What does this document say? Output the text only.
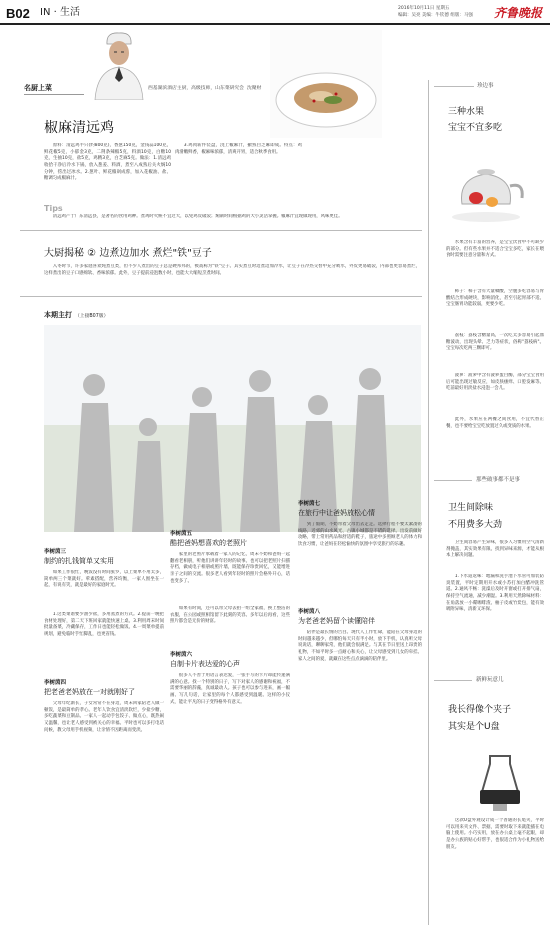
B02 IN · 生活	2016年10月11日 星期五
编辑：吴亮 美编：牛钦德 组版：马强 齐鲁晚报
名厨上菜	西基湖滨酒店主厨，高级技师，山东菜研究会 沈聚财
椒麻清远鸡

原料：清远鸡半只(约800克)，香葱150克，金钱蒜100克，鲜花椒5克，小郁金3克，二荆条辣椒5克，料酒10克，白糖10克，生抽10克，盐5克，鸡精3克，白芝麻5克。做法：1.清远鸡收拾干净后冷水下锅，放入葱姜、料酒，煮至八成熟后关火焖10分钟，捞出过冰水。2.葱叶、鲜花椒剁成蓉，加入花椒油、盐、糖调匀成椒麻汁。

3.鸡肉斩件装盘，浇上椒麻汁，撒熟白芝麻即成。特点：鸡肉滑嫩鲜香，椒麻味浓郁，清爽开胃，适合秋季食用。

Tips

清远鸡产于广东清远县，是著名的食用鸡种。煮鸡时火候不宜过大，以免鸡皮破裂；焖制时间根据鸡的大小灵活掌握。椒麻汁宜现做现用，风味更佳。

大厨揭秘 ② 边煮边加水 煮烂"铁"豆子

入冬时节，许多家庭喜欢炖煮豆类，但不少人煮出的豆子总是硬邦邦的，被戏称为"铁"豆子。其实煮豆时边煮边加冷水，让豆子在冷热交替中充分吸水，外皮更易破裂，内部也更容易煮烂，这样煮出的豆子口感绵软、香味浓郁。此外，豆子提前浸泡数小时，也能大大缩短烹煮时间。

本期主打 （上接B07版）
李树茵三
制约的扎钱简单又实用

如果工作很忙，晚饭没有时间张罗，以上菜单不用太多，简单两三个菜就好。荤素搭配，营养均衡，一家人围坐在一起，有说有笑，就是最好的家庭时光。

1.这类菜谱要少油少盐，多用蒸煮的方式。2.提前一晚把食材处理好，第二天下班回家就能快速上桌。3.利用周末时间批量备菜，冷藏保存，工作日也能轻松做饭。4.一周菜单提前规划，避免临时手忙脚乱，也更省钱。

李树茵四
把老爸老妈放在一对就刚好了

父母年纪渐长，子女常常不在身边，周末回家陪老人做一顿饭，是最简单的孝心。老年人饮食宜清淡软烂，少盐少糖，多吃蔬菜和豆制品。一家人一起动手包饺子、做点心，既热闹又温馨，也让老人感受到被关心的幸福。平时也可以多打电话问候，教父母用手机视频，让亲情不因距离而变淡。

李树茵五
酷把爸妈想喜欢的老照片

家里的老照片承载着一家人的记忆，周末不妨和爸妈一起翻看老相册，听他们讲讲年轻时的故事。也可以把老照片扫描存档，做成电子相册或照片墙，既能保存珍贵回忆，又能增进亲子之间的交流。很多老人看到年轻时的照片会格外开心，话也变多了。

如果有时间，还可以带父母去拍一组全家福，换上整洁的衣服，在公园或照相馆留下此刻的笑容。多年以后再看，这些照片都会是无价的财富。

李树茵六
自制卡片表达爱的心声

很多人不善于用语言表达爱，一张手写的卡片却能传递满满的心意。找一个特别的日子，写下对家人的感谢和祝福，不需要华丽的辞藻，真诚最动人。孩子也可以参与进来，画一幅画、写几句话，让家里的每个人都感受到温暖。这样的小仪式，能让平凡的日子变得格外有意义。

李树茵七
在旅行中让爸妈放松心情

到了假期，不妨带着父母出去走走。选择行程不要太紧凑的线路，近郊的山水风光、古镇小城都是不错的选择。出发前做好攻略，带上常用药品和舒适的鞋子，旅途中多照顾老人的体力和饮食习惯，让爸妈在轻松愉快的氛围中享受旅行的乐趣。

李树茵八
为老爸老妈留个读懂陪伴

陪伴是最长情的告白。现代人工作忙碌，能陪在父母身边的时间越来越少，但哪怕每天只有半小时，放下手机，认真听父母说说话，聊聊家常，他们就会很满足。与其在节日里送上昂贵的礼物，不如平时多一点耐心和关心，让父母感受到儿女的牵挂。家人之间的爱，就藏在这些点点滴滴的陪伴里。

珍边事
三种水果
宝宝不宜多吃

水果含有丰富的营养，是宝宝饮食中不可缺少的部分。但有些水果并不适合宝宝多吃，家长在喂食时需要注意分量和方式。

柿子：柿子含有大量鞣酸，空腹多吃容易与胃酸结合形成硬块，影响消化，甚至引起胃部不适。宝宝肠胃功能较弱，更要少吃。

荔枝：荔枝含糖量高，一次吃太多容易引起血糖波动，出现头晕、乏力等症状，俗称"荔枝病"。宝宝每次吃两三颗即可。

菠萝：菠萝中含有菠萝蛋白酶，部分宝宝食用后可能出现过敏反应，如皮肤瘙痒、口腔发麻等。吃前最好用淡盐水浸泡一会儿。

此外，水果应在两餐之间食用，不宜代替正餐，也不要给宝宝吃放置过久或变质的水果。

那些破事都不是事
卫生间除味
不用费多大劲

卫生间容易产生异味，很多人习惯用空气清新剂掩盖，其实效果有限。找到异味来源，才能从根本上解决问题。

1.下水道返味：地漏和洗手池下水管可加装防臭装置，平时定期用开水或小苏打加白醋冲洗管道。2.通风不畅：洗澡后及时开窗或打开排气扇，保持空气流通，减少潮湿。3.利用天然除味材料：在角落放一小碟咖啡渣、柚子皮或竹炭包，能有效吸附异味，清新又环保。

新鲜玩意儿
我长得像个夹子
其实是个U盘

这款U盘外观设计成一个普通的长尾夹，平时可以用来夹文件、票据，需要时取下来就能插在电脑上使用。小巧实用，放在办公桌上毫不起眼，却是办公族的贴心好帮手，也很适合作为小礼物送给朋友。
